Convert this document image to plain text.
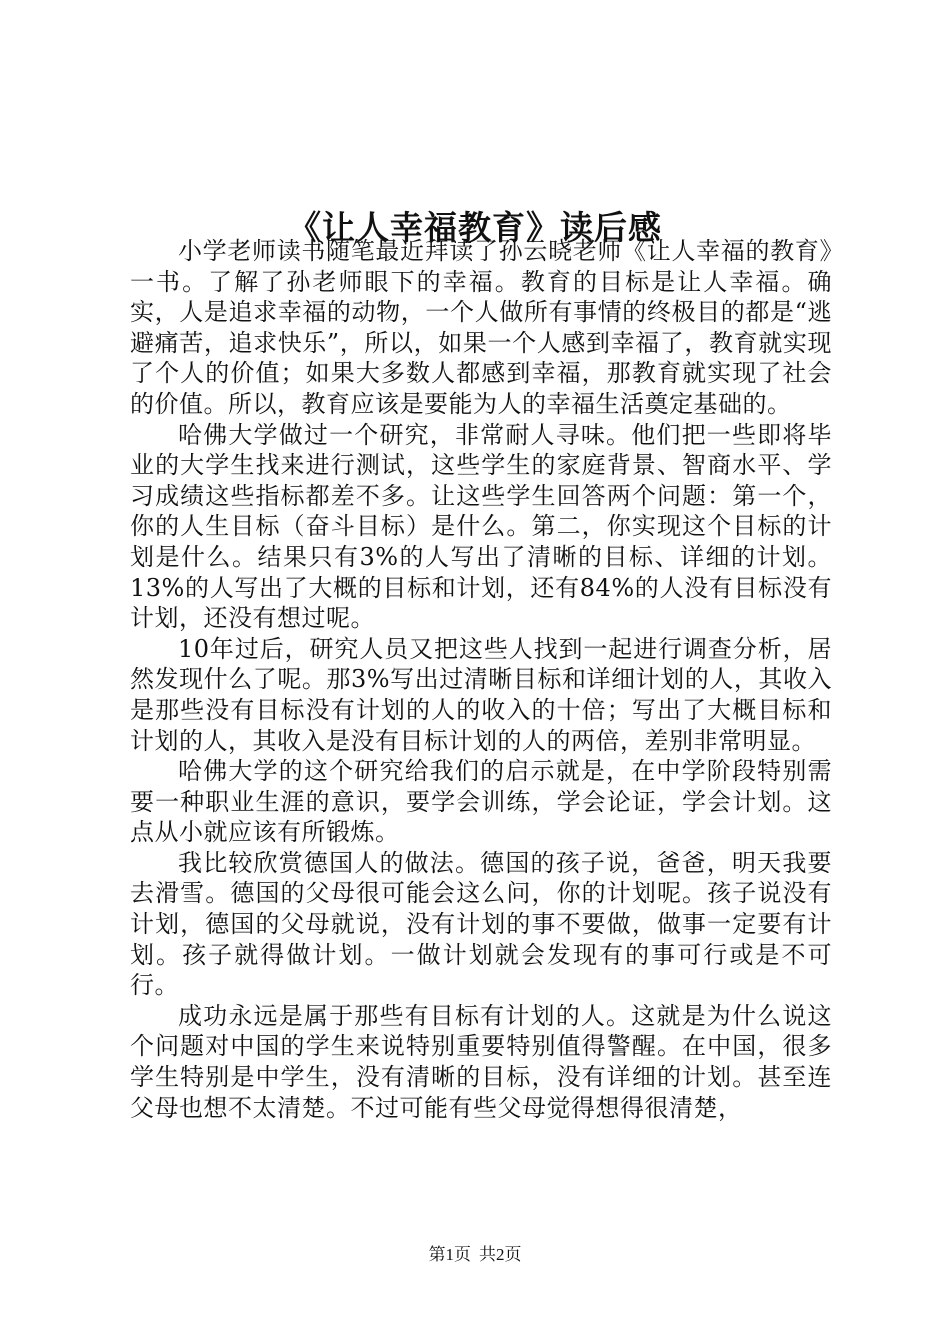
《让人幸福教育》读后感

小学老师读书随笔最近拜读了孙云晓老师《让人幸福的教育》一书。了解了孙老师眼下的幸福。教育的目标是让人幸福。确实，人是追求幸福的动物，一个人做所有事情的终极目的都是“逃避痛苦，追求快乐”，所以，如果一个人感到幸福了，教育就实现了个人的价值；如果大多数人都感到幸福，那教育就实现了社会的价值。所以，教育应该是要能为人的幸福生活奠定基础的。

哈佛大学做过一个研究，非常耐人寻味。他们把一些即将毕业的大学生找来进行测试，这些学生的家庭背景、智商水平、学习成绩这些指标都差不多。让这些学生回答两个问题：第一个，你的人生目标（奋斗目标）是什么。第二，你实现这个目标的计划是什么。结果只有3%的人写出了清晰的目标、详细的计划。13%的人写出了大概的目标和计划，还有84%的人没有目标没有计划，还没有想过呢。

10年过后，研究人员又把这些人找到一起进行调查分析，居然发现什么了呢。那3%写出过清晰目标和详细计划的人，其收入是那些没有目标没有计划的人的收入的十倍；写出了大概目标和计划的人，其收入是没有目标计划的人的两倍，差别非常明显。

哈佛大学的这个研究给我们的启示就是，在中学阶段特别需要一种职业生涯的意识，要学会训练，学会论证，学会计划。这点从小就应该有所锻炼。

我比较欣赏德国人的做法。德国的孩子说，爸爸，明天我要去滑雪。德国的父母很可能会这么问，你的计划呢。孩子说没有计划，德国的父母就说，没有计划的事不要做，做事一定要有计划。孩子就得做计划。一做计划就会发现有的事可行或是不可行。

成功永远是属于那些有目标有计划的人。这就是为什么说这个问题对中国的学生来说特别重要特别值得警醒。在中国，很多学生特别是中学生，没有清晰的目标，没有详细的计划。甚至连父母也想不太清楚。不过可能有些父母觉得想得很清楚，

第1页 共2页
